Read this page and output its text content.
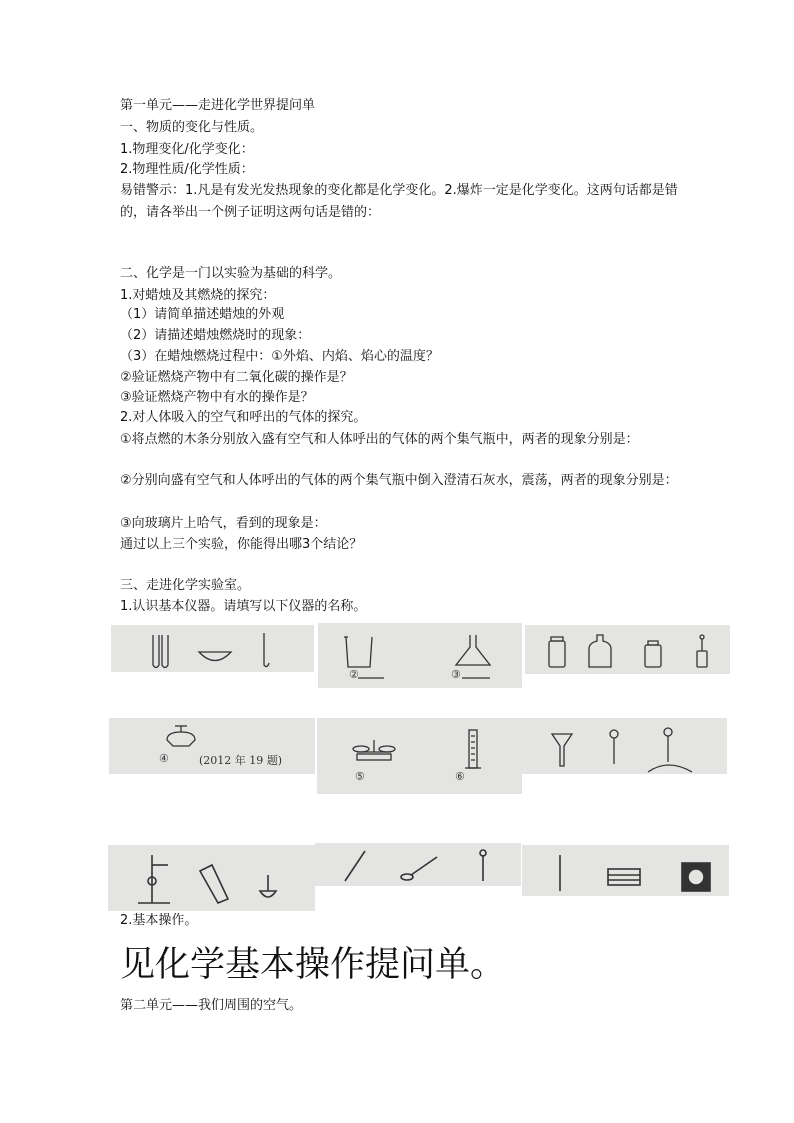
第一单元——走进化学世界提问单
一、物质的变化与性质。
1.物理变化/化学变化：
2.物理性质/化学性质：
易错警示：1.凡是有发光发热现象的变化都是化学变化。2.爆炸一定是化学变化。这两句话都是错的，请各举出一个例子证明这两句话是错的：
二、化学是一门以实验为基础的科学。
1.对蜡烛及其燃烧的探究：
（1）请简单描述蜡烛的外观
（2）请描述蜡烛燃烧时的现象：
（3）在蜡烛燃烧过程中：①外焰、内焰、焰心的温度？
②验证燃烧产物中有二氧化碳的操作是？
③验证燃烧产物中有水的操作是？
2.对人体吸入的空气和呼出的气体的探究。
①将点燃的木条分别放入盛有空气和人体呼出的气体的两个集气瓶中，两者的现象分别是：
②分别向盛有空气和人体呼出的气体的两个集气瓶中倒入澄清石灰水，震荡，两者的现象分别是：
③向玻璃片上哈气，看到的现象是：
通过以上三个实验，你能得出哪3个结论？
三、走进化学实验室。
1.认识基本仪器。请填写以下仪器的名称。
②	③
④	(2012 年 19 题)
⑤	⑥
2.基本操作。
见化学基本操作提问单。
第二单元——我们周围的空气。
